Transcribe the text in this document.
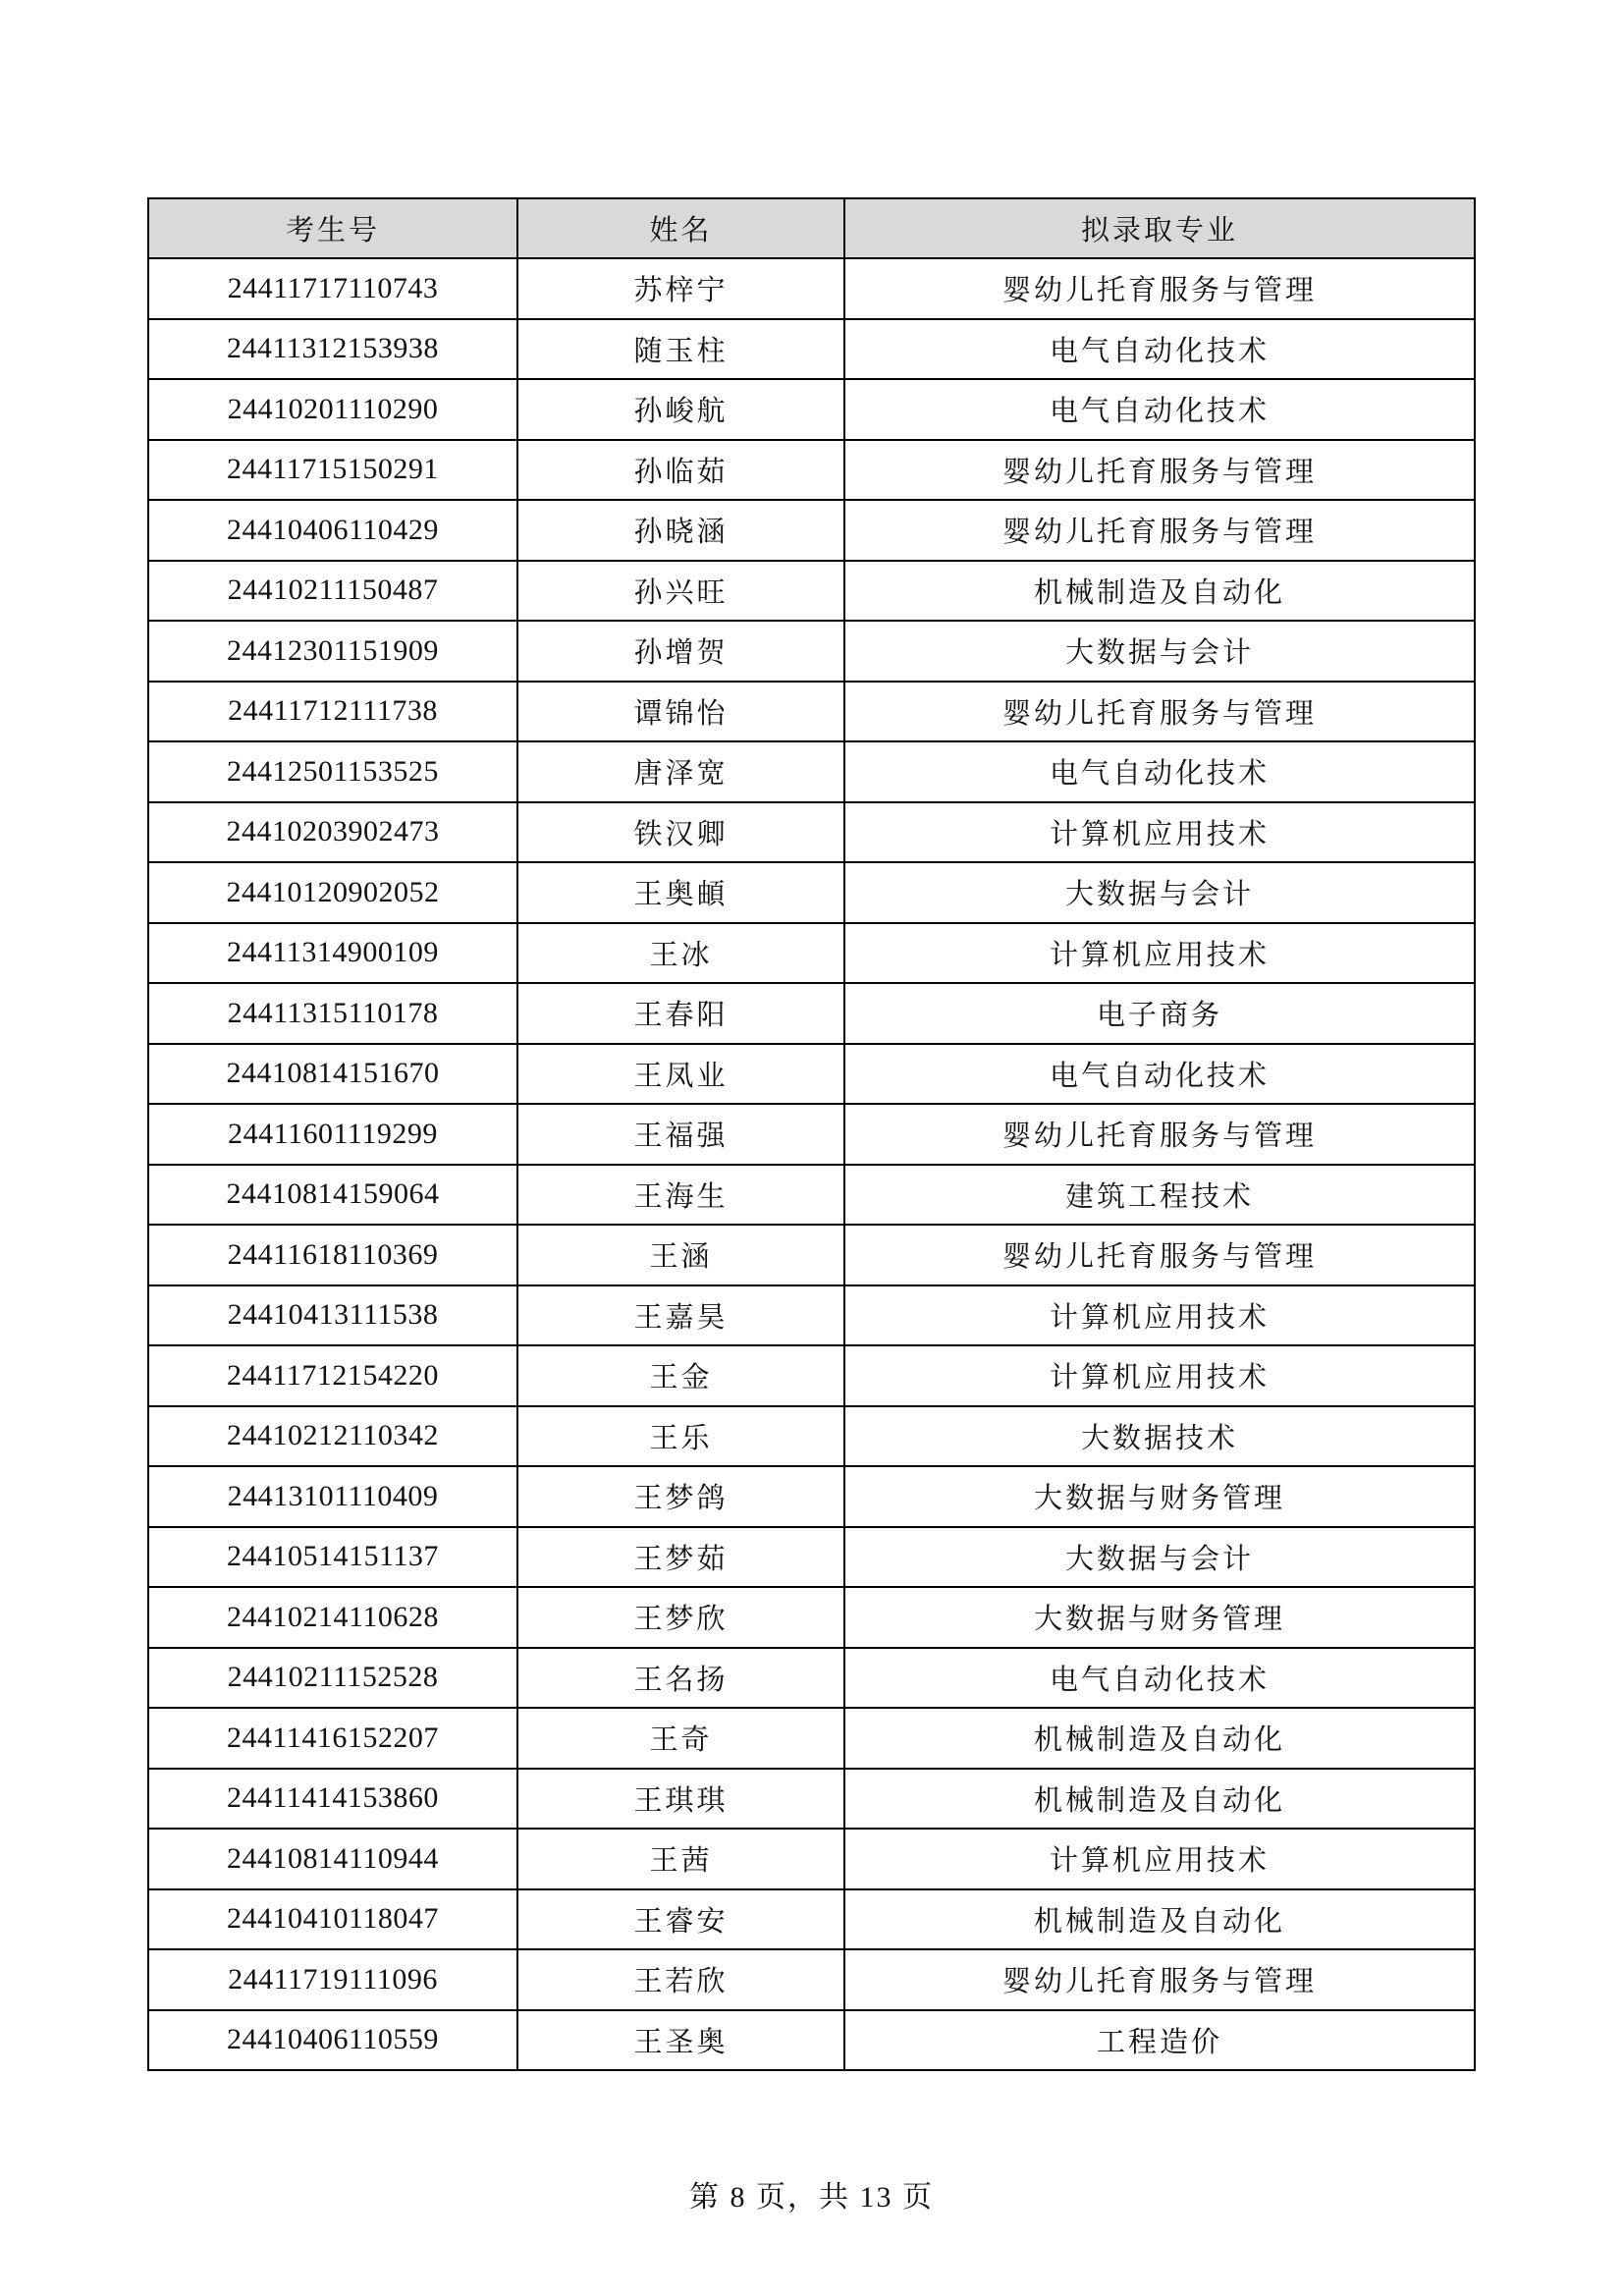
考生号	姓名	拟录取专业
24411717110743	苏梓宁	婴幼儿托育服务与管理
24411312153938	随玉柱	电气自动化技术
24410201110290	孙峻航	电气自动化技术
24411715150291	孙临茹	婴幼儿托育服务与管理
24410406110429	孙晓涵	婴幼儿托育服务与管理
24410211150487	孙兴旺	机械制造及自动化
24412301151909	孙增贺	大数据与会计
24411712111738	谭锦怡	婴幼儿托育服务与管理
24412501153525	唐泽宽	电气自动化技术
24410203902473	铁汉卿	计算机应用技术
24410120902052	王奥頔	大数据与会计
24411314900109	王冰	计算机应用技术
24411315110178	王春阳	电子商务
24410814151670	王凤业	电气自动化技术
24411601119299	王福强	婴幼儿托育服务与管理
24410814159064	王海生	建筑工程技术
24411618110369	王涵	婴幼儿托育服务与管理
24410413111538	王嘉昊	计算机应用技术
24411712154220	王金	计算机应用技术
24410212110342	王乐	大数据技术
24413101110409	王梦鸽	大数据与财务管理
24410514151137	王梦茹	大数据与会计
24410214110628	王梦欣	大数据与财务管理
24410211152528	王名扬	电气自动化技术
24411416152207	王奇	机械制造及自动化
24411414153860	王琪琪	机械制造及自动化
24410814110944	王茜	计算机应用技术
24410410118047	王睿安	机械制造及自动化
24411719111096	王若欣	婴幼儿托育服务与管理
24410406110559	王圣奥	工程造价
第 8 页，共 13 页
